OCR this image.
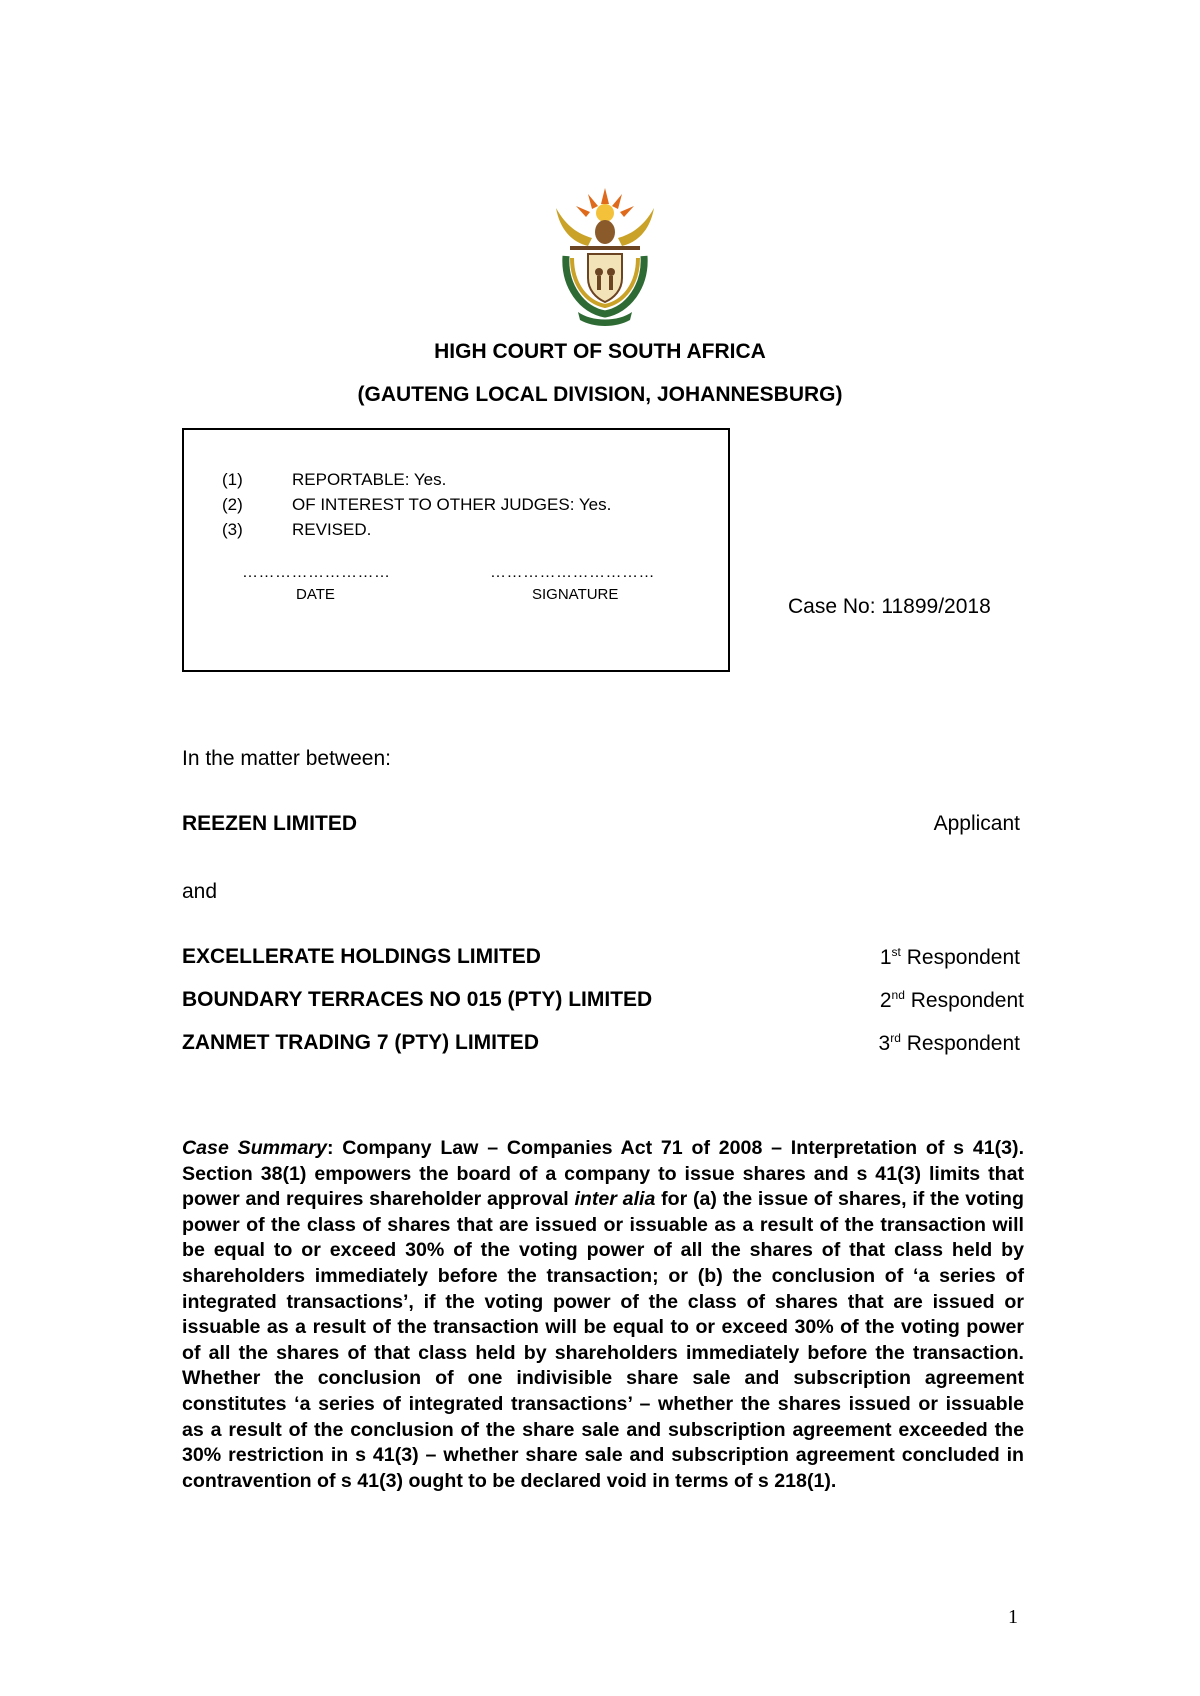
HIGH COURT OF SOUTH AFRICA
(GAUTENG LOCAL DIVISION, JOHANNESBURG)
(1)	REPORTABLE: Yes.
(2)	OF INTEREST TO OTHER JUDGES: Yes.
(3)	REVISED.
………………………	…………………………
DATE	SIGNATURE
Case No: 11899/2018
In the matter between:
REEZEN LIMITED	Applicant
and
EXCELLERATE HOLDINGS LIMITED	1st Respondent
BOUNDARY TERRACES NO 015 (PTY) LIMITED	2nd Respondent
ZANMET TRADING 7 (PTY) LIMITED	3rd Respondent
Case Summary: Company Law – Companies Act 71 of 2008 – Interpretation of s 41(3). Section 38(1) empowers the board of a company to issue shares and s 41(3) limits that power and requires shareholder approval inter alia for (a) the issue of shares, if the voting power of the class of shares that are issued or issuable as a result of the transaction will be equal to or exceed 30% of the voting power of all the shares of that class held by shareholders immediately before the transaction; or (b) the conclusion of ‘a series of integrated transactions’, if the voting power of the class of shares that are issued or issuable as a result of the transaction will be equal to or exceed 30% of the voting power of all the shares of that class held by shareholders immediately before the transaction. Whether the conclusion of one indivisible share sale and subscription agreement constitutes ‘a series of integrated transactions’ – whether the shares issued or issuable as a result of the conclusion of the share sale and subscription agreement exceeded the 30% restriction in s 41(3) – whether share sale and subscription agreement concluded in contravention of s 41(3) ought to be declared void in terms of s 218(1).
1
